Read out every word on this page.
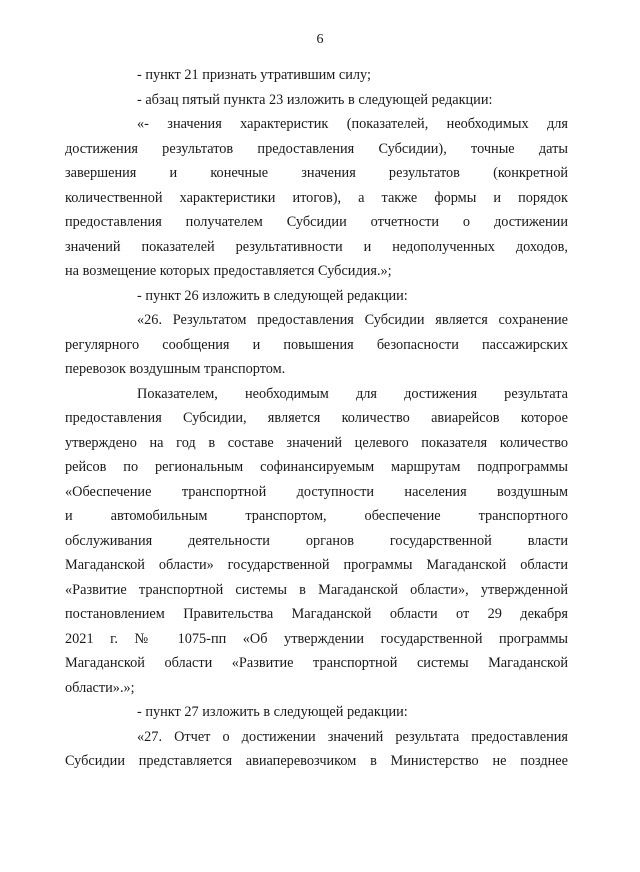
6
- пункт 21 признать утратившим силу;
- абзац пятый пункта 23 изложить в следующей редакции:
«- значения характеристик (показателей, необходимых для
достижения результатов предоставления Субсидии), точные даты
завершения и конечные значения результатов (конкретной
количественной характеристики итогов), а также формы и порядок
предоставления получателем Субсидии отчетности о достижении
значений показателей результативности и недополученных доходов,
на возмещение которых предоставляется Субсидия.»;
- пункт 26 изложить в следующей редакции:
«26. Результатом предоставления Субсидии является сохранение
регулярного сообщения и повышения безопасности пассажирских
перевозок воздушным транспортом.
Показателем, необходимым для достижения результата
предоставления Субсидии, является количество авиарейсов которое
утверждено на год в составе значений целевого показателя количество
рейсов по региональным софинансируемым маршрутам подпрограммы
«Обеспечение транспортной доступности населения воздушным
и автомобильным транспортом, обеспечение транспортного
обслуживания деятельности органов государственной власти
Магаданской области» государственной программы Магаданской области
«Развитие транспортной системы в Магаданской области», утвержденной
постановлением Правительства Магаданской области от 29 декабря
2021 г. № 1075-пп «Об утверждении государственной программы
Магаданской области «Развитие транспортной системы Магаданской
области».»;
- пункт 27 изложить в следующей редакции:
«27. Отчет о достижении значений результата предоставления
Субсидии представляется авиаперевозчиком в Министерство не позднее
